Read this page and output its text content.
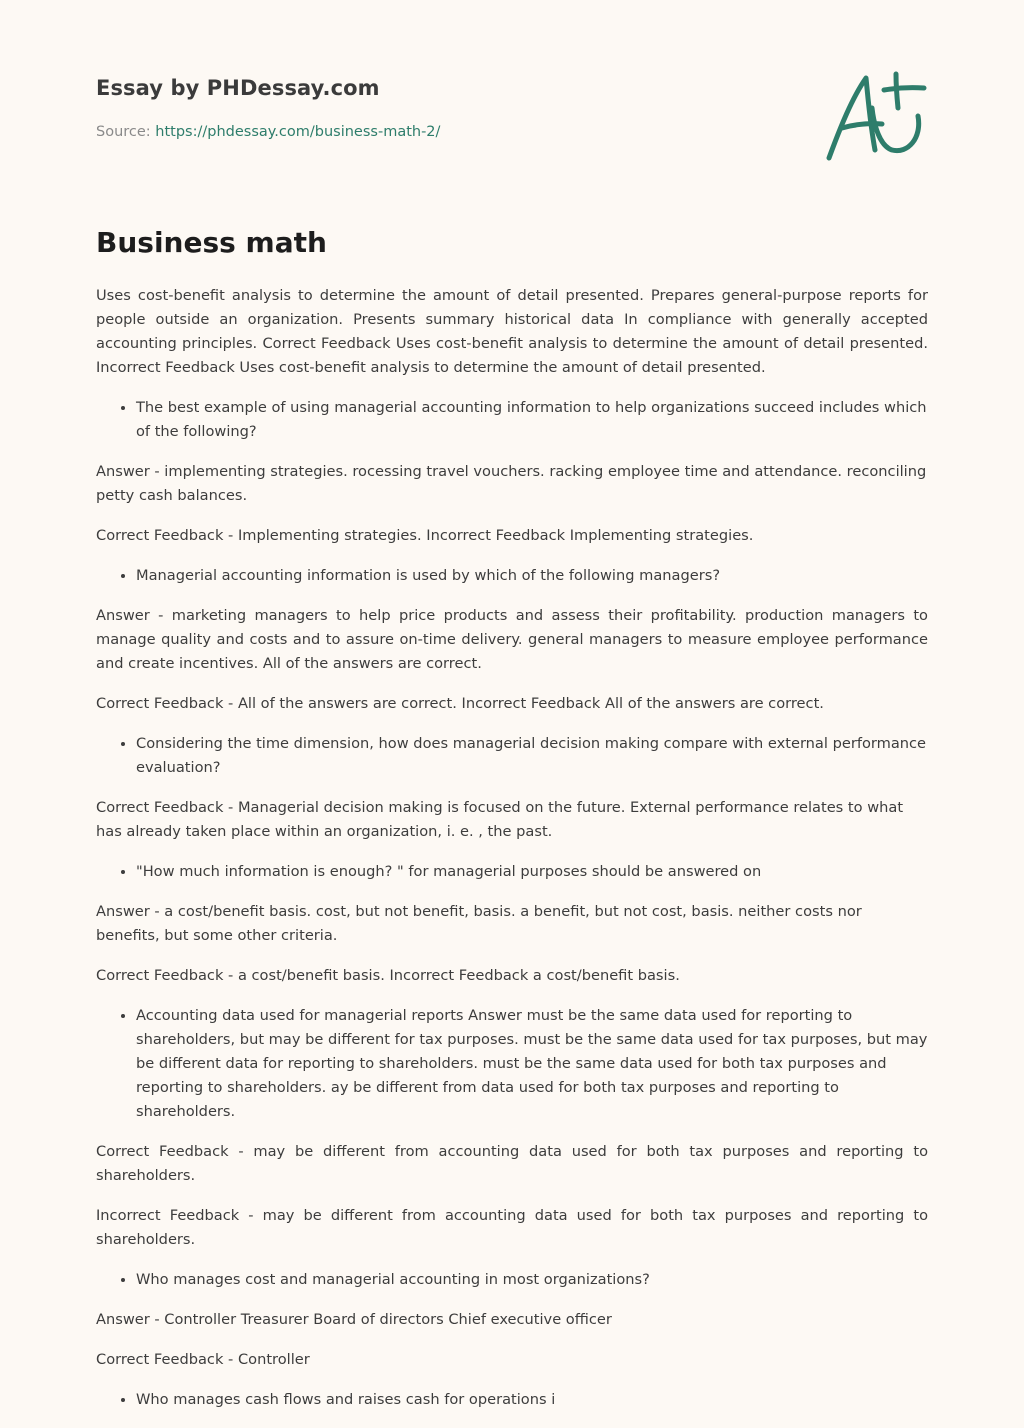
Essay by PHDessay.com
Source: https://phdessay.com/business-math-2/
Business math

Uses cost-benefit analysis to determine the amount of detail presented. Prepares general-purpose reports for people outside an organization. Presents summary historical data In compliance with generally accepted accounting principles. Correct Feedback Uses cost-benefit analysis to determine the amount of detail presented. Incorrect Feedback Uses cost-benefit analysis to determine the amount of detail presented.

• The best example of using managerial accounting information to help organizations succeed includes which of the following?

Answer - implementing strategies. rocessing travel vouchers. racking employee time and attendance. reconciling petty cash balances.

Correct Feedback - Implementing strategies. Incorrect Feedback Implementing strategies.

• Managerial accounting information is used by which of the following managers?

Answer - marketing managers to help price products and assess their profitability. production managers to manage quality and costs and to assure on-time delivery. general managers to measure employee performance and create incentives. All of the answers are correct.

Correct Feedback - All of the answers are correct. Incorrect Feedback All of the answers are correct.

• Considering the time dimension, how does managerial decision making compare with external performance evaluation?

Correct Feedback - Managerial decision making is focused on the future. External performance relates to what has already taken place within an organization, i. e. , the past.

• "How much information is enough? " for managerial purposes should be answered on

Answer - a cost/benefit basis. cost, but not benefit, basis. a benefit, but not cost, basis. neither costs nor benefits, but some other criteria.

Correct Feedback - a cost/benefit basis. Incorrect Feedback a cost/benefit basis.

• Accounting data used for managerial reports Answer must be the same data used for reporting to shareholders, but may be different for tax purposes. must be the same data used for tax purposes, but may be different data for reporting to shareholders. must be the same data used for both tax purposes and reporting to shareholders. ay be different from data used for both tax purposes and reporting to shareholders.

Correct Feedback - may be different from accounting data used for both tax purposes and reporting to shareholders.

Incorrect Feedback - may be different from accounting data used for both tax purposes and reporting to shareholders.

• Who manages cost and managerial accounting in most organizations?

Answer - Controller Treasurer Board of directors Chief executive officer

Correct Feedback - Controller

• Who manages cash flows and raises cash for operations i
